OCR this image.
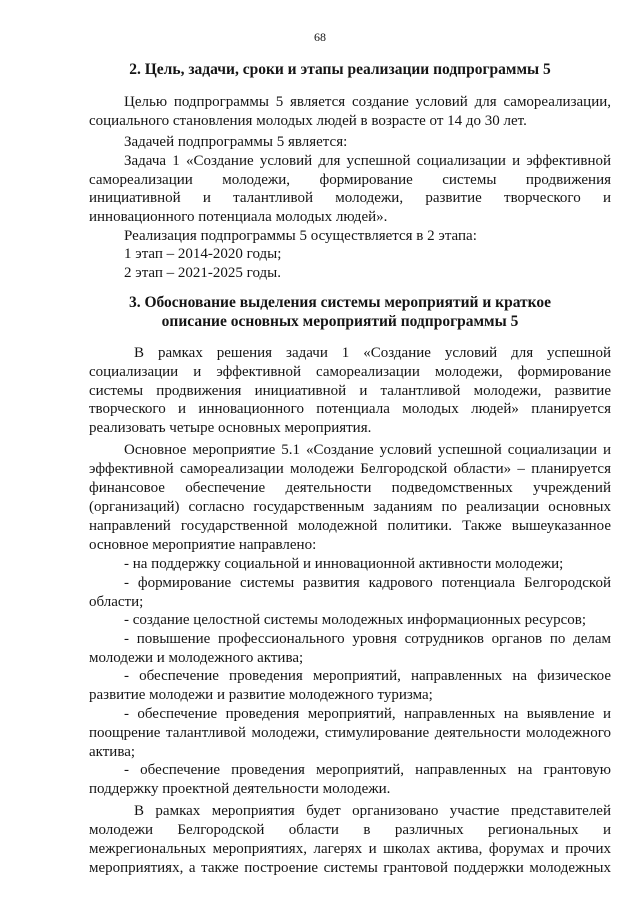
68
2. Цель, задачи, сроки и этапы реализации подпрограммы 5
Целью подпрограммы 5 является создание условий для самореализации,
социального становления молодых людей в возрасте от 14 до 30 лет.
Задачей подпрограммы 5 является:
Задача 1 «Создание условий для успешной социализации и эффективной
самореализации молодежи, формирование системы продвижения
инициативной и талантливой молодежи, развитие творческого и
инновационного потенциала молодых людей».
Реализация подпрограммы 5 осуществляется в 2 этапа:
1 этап – 2014-2020 годы;
2 этап – 2021-2025 годы.
3. Обоснование выделения системы мероприятий и краткое
описание основных мероприятий подпрограммы 5
В рамках решения задачи 1 «Создание условий для успешной
социализации и эффективной самореализации молодежи, формирование
системы продвижения инициативной и талантливой молодежи, развитие
творческого и инновационного потенциала молодых людей» планируется
реализовать четыре основных мероприятия.
Основное мероприятие 5.1 «Создание условий успешной социализации и
эффективной самореализации молодежи Белгородской области» – планируется
финансовое обеспечение деятельности подведомственных учреждений
(организаций) согласно государственным заданиям по реализации основных
направлений государственной молодежной политики. Также вышеуказанное
основное мероприятие направлено:
- на поддержку социальной и инновационной активности молодежи;
- формирование системы развития кадрового потенциала Белгородской
области;
- создание целостной системы молодежных информационных ресурсов;
- повышение профессионального уровня сотрудников органов по делам
молодежи и молодежного актива;
- обеспечение проведения мероприятий, направленных на физическое
развитие молодежи и развитие молодежного туризма;
- обеспечение проведения мероприятий, направленных на выявление и
поощрение талантливой молодежи, стимулирование деятельности молодежного
актива;
- обеспечение проведения мероприятий, направленных на грантовую
поддержку проектной деятельности молодежи.
В рамках мероприятия будет организовано участие представителей
молодежи Белгородской области в различных региональных и
межрегиональных мероприятиях, лагерях и школах актива, форумах и прочих
мероприятиях, а также построение системы грантовой поддержки молодежных
